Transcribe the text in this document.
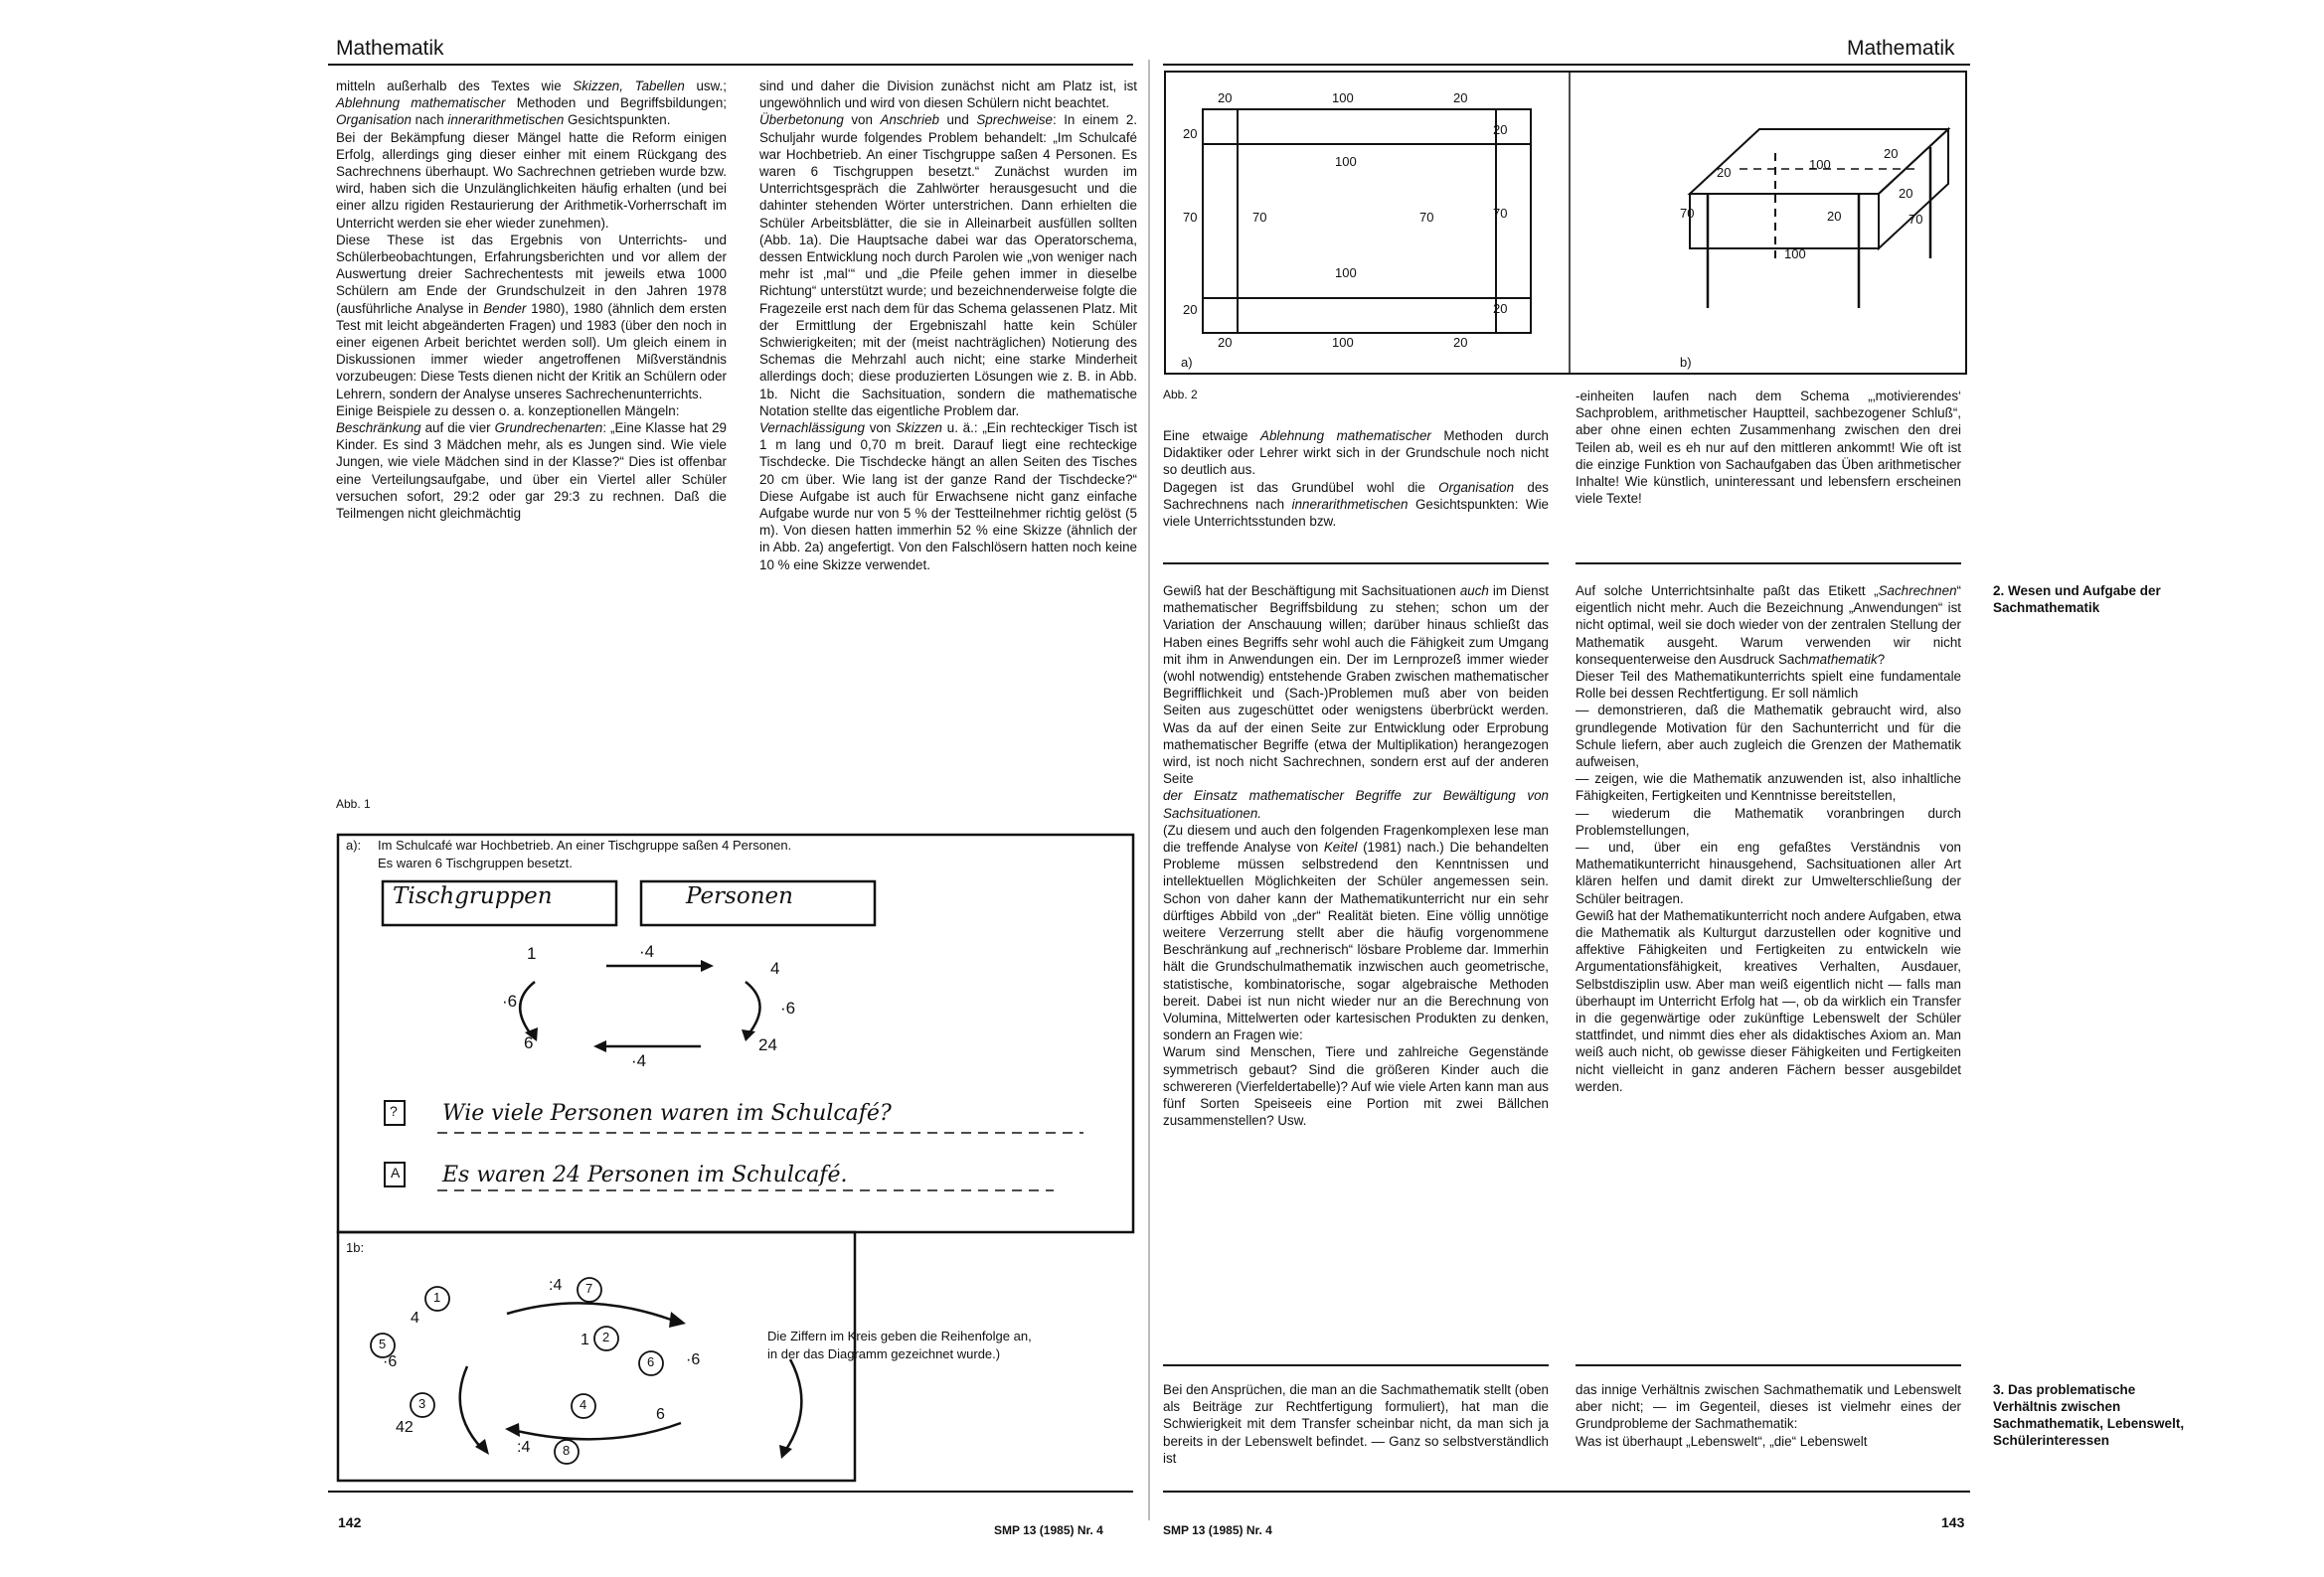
Mathematik

mitteln außerhalb des Textes wie Skizzen, Tabellen usw.; Ablehnung mathematischer Methoden und Begriffsbildungen; Organisation nach innerarithmetischen Gesichtspunkten.

Bei der Bekämpfung dieser Mängel hatte die Reform einigen Erfolg, allerdings ging dieser einher mit einem Rückgang des Sachrechnens überhaupt. Wo Sachrechnen getrieben wurde bzw. wird, haben sich die Unzulänglichkeiten häufig erhalten (und bei einer allzu rigiden Restaurierung der Arithmetik-Vorherrschaft im Unterricht werden sie eher wieder zunehmen).

Diese These ist das Ergebnis von Unterrichts- und Schülerbeobachtungen, Erfahrungsberichten und vor allem der Auswertung dreier Sachrechentests mit jeweils etwa 1000 Schülern am Ende der Grundschulzeit in den Jahren 1978 (ausführliche Analyse in Bender 1980), 1980 (ähnlich dem ersten Test mit leicht abgeänderten Fragen) und 1983 (über den noch in einer eigenen Arbeit berichtet werden soll). Um gleich einem in Diskussionen immer wieder angetroffenen Mißverständnis vorzubeugen: Diese Tests dienen nicht der Kritik an Schülern oder Lehrern, sondern der Analyse unseres Sachrechenunterrichts.

Einige Beispiele zu dessen o. a. konzeptionellen Mängeln:

Beschränkung auf die vier Grundrechenarten: „Eine Klasse hat 29 Kinder. Es sind 3 Mädchen mehr, als es Jungen sind. Wie viele Jungen, wie viele Mädchen sind in der Klasse?“ Dies ist offenbar eine Verteilungsaufgabe, und über ein Viertel aller Schüler versuchen sofort, 29:2 oder gar 29:3 zu rechnen. Daß die Teilmengen nicht gleichmächtig

sind und daher die Division zunächst nicht am Platz ist, ist ungewöhnlich und wird von diesen Schülern nicht beachtet.

Überbetonung von Anschrieb und Sprechweise: In einem 2. Schuljahr wurde folgendes Problem behandelt: „Im Schulcafé war Hochbetrieb. An einer Tischgruppe saßen 4 Personen. Es waren 6 Tischgruppen besetzt.“ Zunächst wurden im Unterrichtsgespräch die Zahlwörter herausgesucht und die dahinter stehenden Wörter unterstrichen. Dann erhielten die Schüler Arbeitsblätter, die sie in Alleinarbeit ausfüllen sollten (Abb. 1a). Die Hauptsache dabei war das Operatorschema, dessen Entwicklung noch durch Parolen wie „von weniger nach mehr ist ‚mal‘“ und „die Pfeile gehen immer in dieselbe Richtung“ unterstützt wurde; und bezeichnenderweise folgte die Fragezeile erst nach dem für das Schema gelassenen Platz. Mit der Ermittlung der Ergebniszahl hatte kein Schüler Schwierigkeiten; mit der (meist nachträglichen) Notierung des Schemas die Mehrzahl auch nicht; eine starke Minderheit allerdings doch; diese produzierten Lösungen wie z. B. in Abb. 1b. Nicht die Sachsituation, sondern die mathematische Notation stellte das eigentliche Problem dar.

Vernachlässigung von Skizzen u. ä.: „Ein rechteckiger Tisch ist 1 m lang und 0,70 m breit. Darauf liegt eine rechteckige Tischdecke. Die Tischdecke hängt an allen Seiten des Tisches 20 cm über. Wie lang ist der ganze Rand der Tischdecke?“ Diese Aufgabe ist auch für Erwachsene nicht ganz einfache Aufgabe wurde nur von 5 % der Testteilnehmer richtig gelöst (5 m). Von diesen hatten immerhin 52 % eine Skizze (ähnlich der in Abb. 2a) angefertigt. Von den Falschlösern hatten noch keine 10 % eine Skizze verwendet.

Abb. 1
a): Im Schulcafé war Hochbetrieb. An einer Tischgruppe saßen 4 Personen.
Es waren 6 Tischgruppen besetzt.
Tischgruppen	Personen
1
4
6	24
·4
·4
·6	·6
? Wie viele Personen waren im Schulcafé?
A Es waren 24 Personen im Schulcafé.
1b:
1
2
3	4
5
6
7
8
4
1
42
:4
:4
·6	·6
6
Die Ziffern im Kreis geben die Reihenfolge an,
in der das Diagramm gezeichnet wurde.)
142	SMP 13 (1985) Nr. 4
Mathematik
20	100	20
20
70
20
20
70
20
100
100
70	70
20	100	20
a)
100
20
20
70
20
20	70
100
b)
Abb. 2

Eine etwaige Ablehnung mathematischer Methoden durch Didaktiker oder Lehrer wirkt sich in der Grundschule noch nicht so deutlich aus.

Dagegen ist das Grundübel wohl die Organisation des Sachrechnens nach innerarithmetischen Gesichtspunkten: Wie viele Unterrichtsstunden bzw.

-einheiten laufen nach dem Schema „‚motivierendes‘ Sachproblem, arithmetischer Hauptteil, sachbezogener Schluß“, aber ohne einen echten Zusammenhang zwischen den drei Teilen ab, weil es eh nur auf den mittleren ankommt! Wie oft ist die einzige Funktion von Sachaufgaben das Üben arithmetischer Inhalte! Wie künstlich, uninteressant und lebensfern erscheinen viele Texte!

Gewiß hat der Beschäftigung mit Sachsituationen auch im Dienst mathematischer Begriffsbildung zu stehen; schon um der Variation der Anschauung willen; darüber hinaus schließt das Haben eines Begriffs sehr wohl auch die Fähigkeit zum Umgang mit ihm in Anwendungen ein. Der im Lernprozeß immer wieder (wohl notwendig) entstehende Graben zwischen mathematischer Begrifflichkeit und (Sach-)Problemen muß aber von beiden Seiten aus zugeschüttet oder wenigstens überbrückt werden. Was da auf der einen Seite zur Entwicklung oder Erprobung mathematischer Begriffe (etwa der Multiplikation) herangezogen wird, ist noch nicht Sachrechnen, sondern erst auf der anderen Seite

der Einsatz mathematischer Begriffe zur Bewältigung von Sachsituationen.

(Zu diesem und auch den folgenden Fragenkomplexen lese man die treffende Analyse von Keitel (1981) nach.) Die behandelten Probleme müssen selbstredend den Kenntnissen und intellektuellen Möglichkeiten der Schüler angemessen sein. Schon von daher kann der Mathematikunterricht nur ein sehr dürftiges Abbild von „der“ Realität bieten. Eine völlig unnötige weitere Verzerrung stellt aber die häufig vorgenommene Beschränkung auf „rechnerisch“ lösbare Probleme dar. Immerhin hält die Grundschulmathematik inzwischen auch geometrische, statistische, kombinatorische, sogar algebraische Methoden bereit. Dabei ist nun nicht wieder nur an die Berechnung von Volumina, Mittelwerten oder kartesischen Produkten zu denken, sondern an Fragen wie:

Warum sind Menschen, Tiere und zahlreiche Gegenstände symmetrisch gebaut? Sind die größeren Kinder auch die schwereren (Vierfeldertabelle)? Auf wie viele Arten kann man aus fünf Sorten Speiseeis eine Portion mit zwei Bällchen zusammenstellen? Usw.

Auf solche Unterrichtsinhalte paßt das Etikett „Sachrechnen“ eigentlich nicht mehr. Auch die Bezeichnung „Anwendungen“ ist nicht optimal, weil sie doch wieder von der zentralen Stellung der Mathematik ausgeht. Warum verwenden wir nicht konsequenterweise den Ausdruck Sachmathematik?

Dieser Teil des Mathematikunterrichts spielt eine fundamentale Rolle bei dessen Rechtfertigung. Er soll nämlich

— demonstrieren, daß die Mathematik gebraucht wird, also grundlegende Motivation für den Sachunterricht und für die Schule liefern, aber auch zugleich die Grenzen der Mathematik aufweisen,

— zeigen, wie die Mathematik anzuwenden ist, also inhaltliche Fähigkeiten, Fertigkeiten und Kenntnisse bereitstellen,

— wiederum die Mathematik voranbringen durch Problemstellungen,

— und, über ein eng gefaßtes Verständnis von Mathematikunterricht hinausgehend, Sachsituationen aller Art klären helfen und damit direkt zur Umwelterschließung der Schüler beitragen.

Gewiß hat der Mathematikunterricht noch andere Aufgaben, etwa die Mathematik als Kulturgut darzustellen oder kognitive und affektive Fähigkeiten und Fertigkeiten zu entwickeln wie Argumentationsfähigkeit, kreatives Verhalten, Ausdauer, Selbstdisziplin usw. Aber man weiß eigentlich nicht — falls man überhaupt im Unterricht Erfolg hat —, ob da wirklich ein Transfer in die gegenwärtige oder zukünftige Lebenswelt der Schüler stattfindet, und nimmt dies eher als didaktisches Axiom an. Man weiß auch nicht, ob gewisse dieser Fähigkeiten und Fertigkeiten nicht vielleicht in ganz anderen Fächern besser ausgebildet werden.

2. Wesen und Aufgabe der Sachmathematik

Bei den Ansprüchen, die man an die Sachmathematik stellt (oben als Beiträge zur Rechtfertigung formuliert), hat man die Schwierigkeit mit dem Transfer scheinbar nicht, da man sich ja bereits in der Lebenswelt befindet. — Ganz so selbstverständlich ist

das innige Verhältnis zwischen Sachmathematik und Lebenswelt aber nicht; — im Gegenteil, dieses ist vielmehr eines der Grundprobleme der Sachmathematik:

Was ist überhaupt „Lebenswelt“, „die“ Lebenswelt

3. Das problematische Verhältnis zwischen Sachmathematik, Lebenswelt, Schülerinteressen
SMP 13 (1985) Nr. 4	143
